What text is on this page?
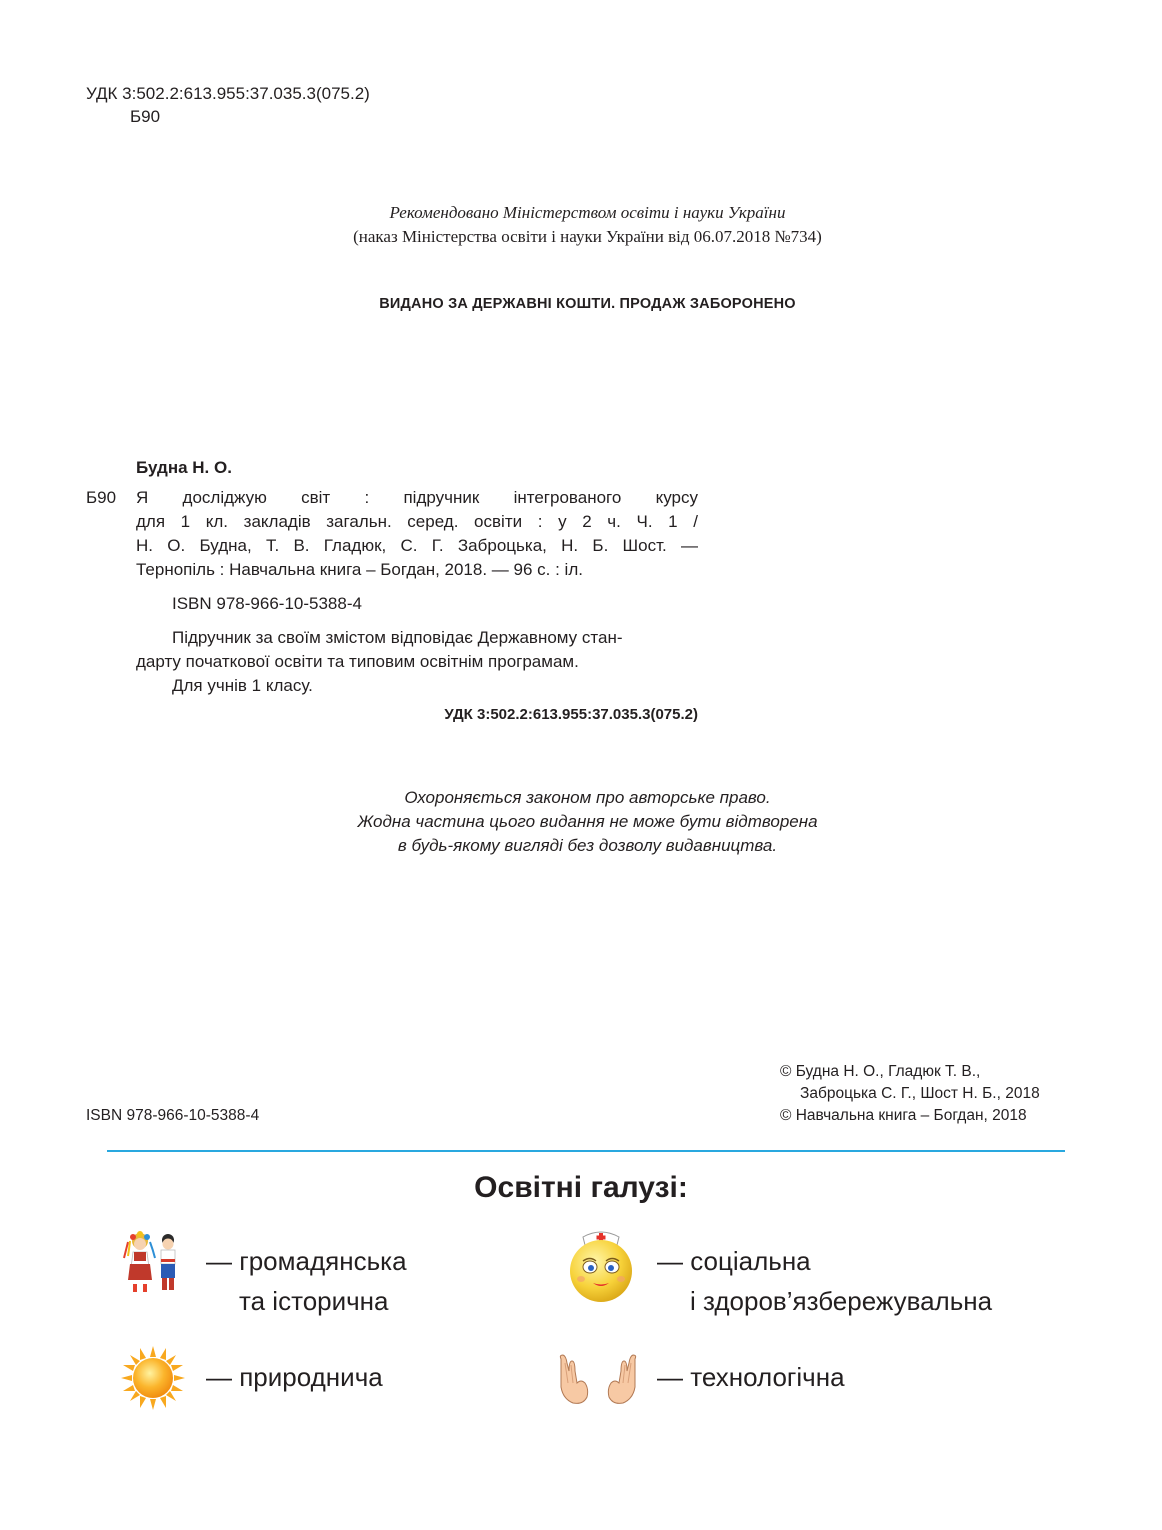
УДК 3:502.2:613.955:37.035.3(075.2)
Б90
Рекомендовано Міністерством освіти і науки України
(наказ Міністерства освіти і науки України від 06.07.2018 №734)
ВИДАНО ЗА ДЕРЖАВНІ КОШТИ. ПРОДАЖ ЗАБОРОНЕНО
Будна Н. О.
Б90 Я досліджую світ : підручник інтегрованого курсу
для 1 кл. закладів загальн. серед. освіти : у 2 ч. Ч. 1 /
Н. О. Будна, Т. В. Гладюк, С. Г. Заброцька, Н. Б. Шост. —
Тернопіль : Навчальна книга – Богдан, 2018. — 96 с. : іл.
ISBN 978-966-10-5388-4
Підручник за своїм змістом відповідає Державному стан-
дарту початкової освіти та типовим освітнім програмам.
Для учнів 1 класу.
УДК 3:502.2:613.955:37.035.3(075.2)
Охороняється законом про авторське право.
Жодна частина цього видання не може бути відтворена
в будь-якому вигляді без дозволу видавництва.
© Будна Н. О., Гладюк Т. В.,
Заброцька С. Г., Шост Н. Б., 2018
© Навчальна книга – Богдан, 2018
ISBN 978-966-10-5388-4
Освітні галузі:
— громадянська
та історична
— соціальна
і здоров’язбережувальна
— природнича	— технологічна
